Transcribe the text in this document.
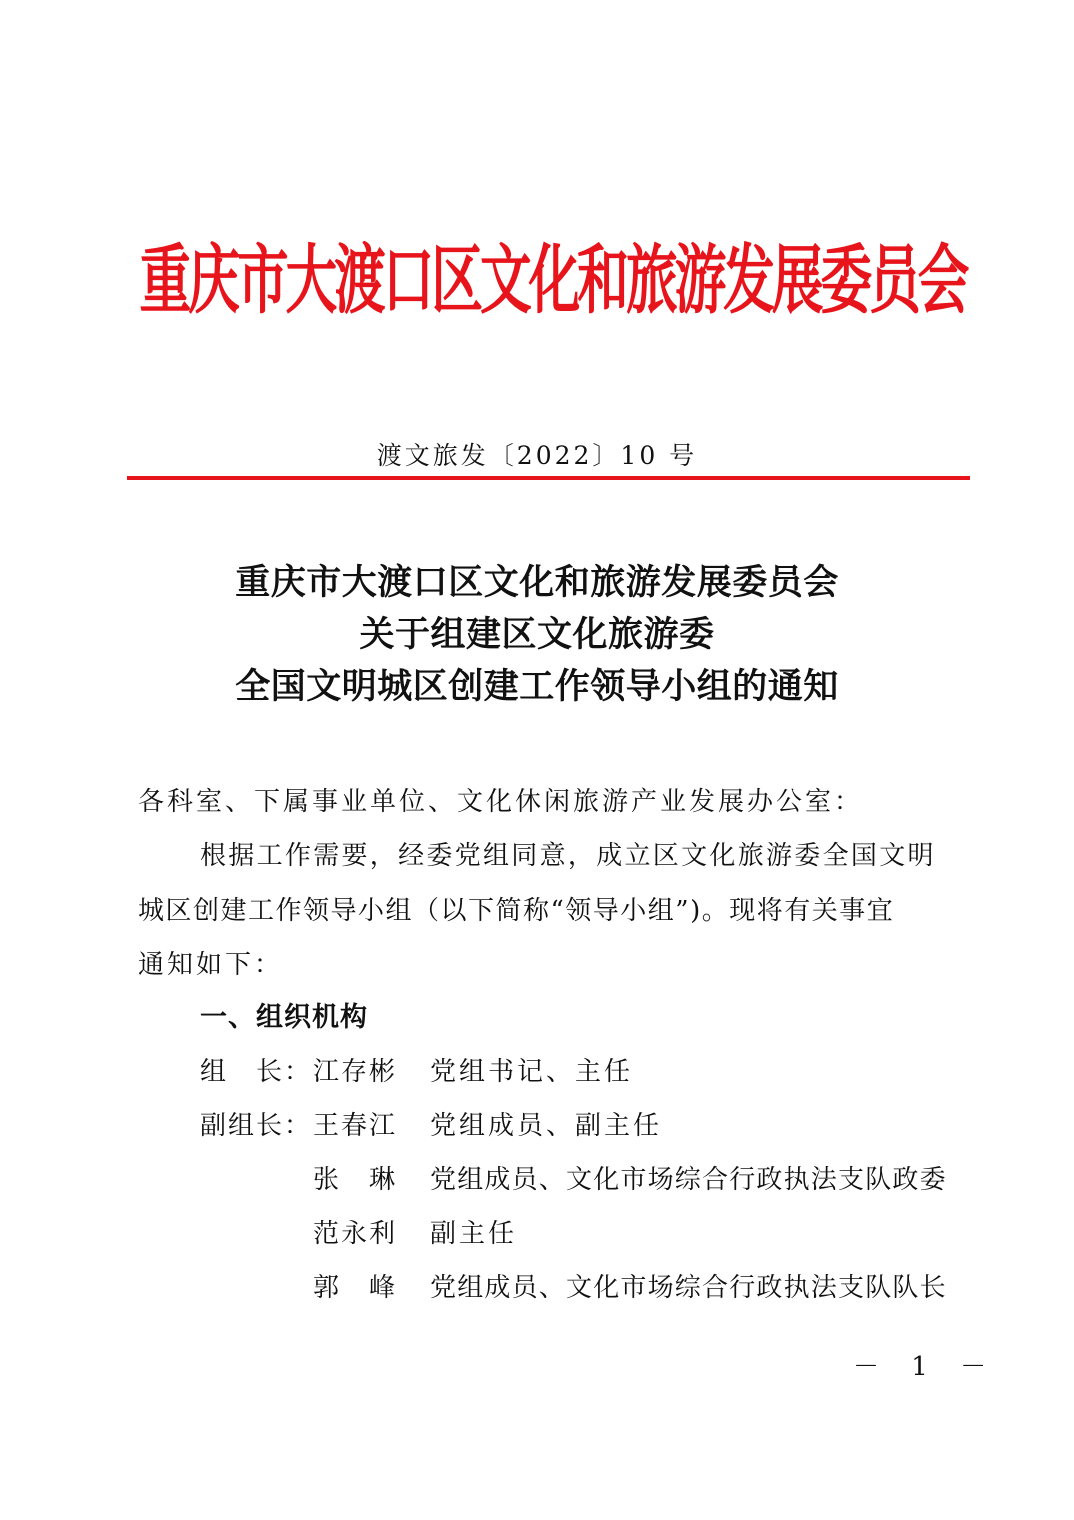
重庆市大渡口区文化和旅游发展委员会
渡文旅发〔2022〕10 号
重庆市大渡口区文化和旅游发展委员会
关于组建区文化旅游委
全国文明城区创建工作领导小组的通知
各科室、下属事业单位、文化休闲旅游产业发展办公室：
根据工作需要，经委党组同意，成立区文化旅游委全国文明
城区创建工作领导小组（以下简称“领导小组”)。现将有关事宜
通知如下：
一、组织机构
组　长： 江存彬 党组书记、主任
副组长： 王春江 党组成员、副主任
张　琳 党组成员、文化市场综合行政执法支队政委
范永利 副主任
郭　峰 党组成员、文化市场综合行政执法支队队长
－ 1 －
